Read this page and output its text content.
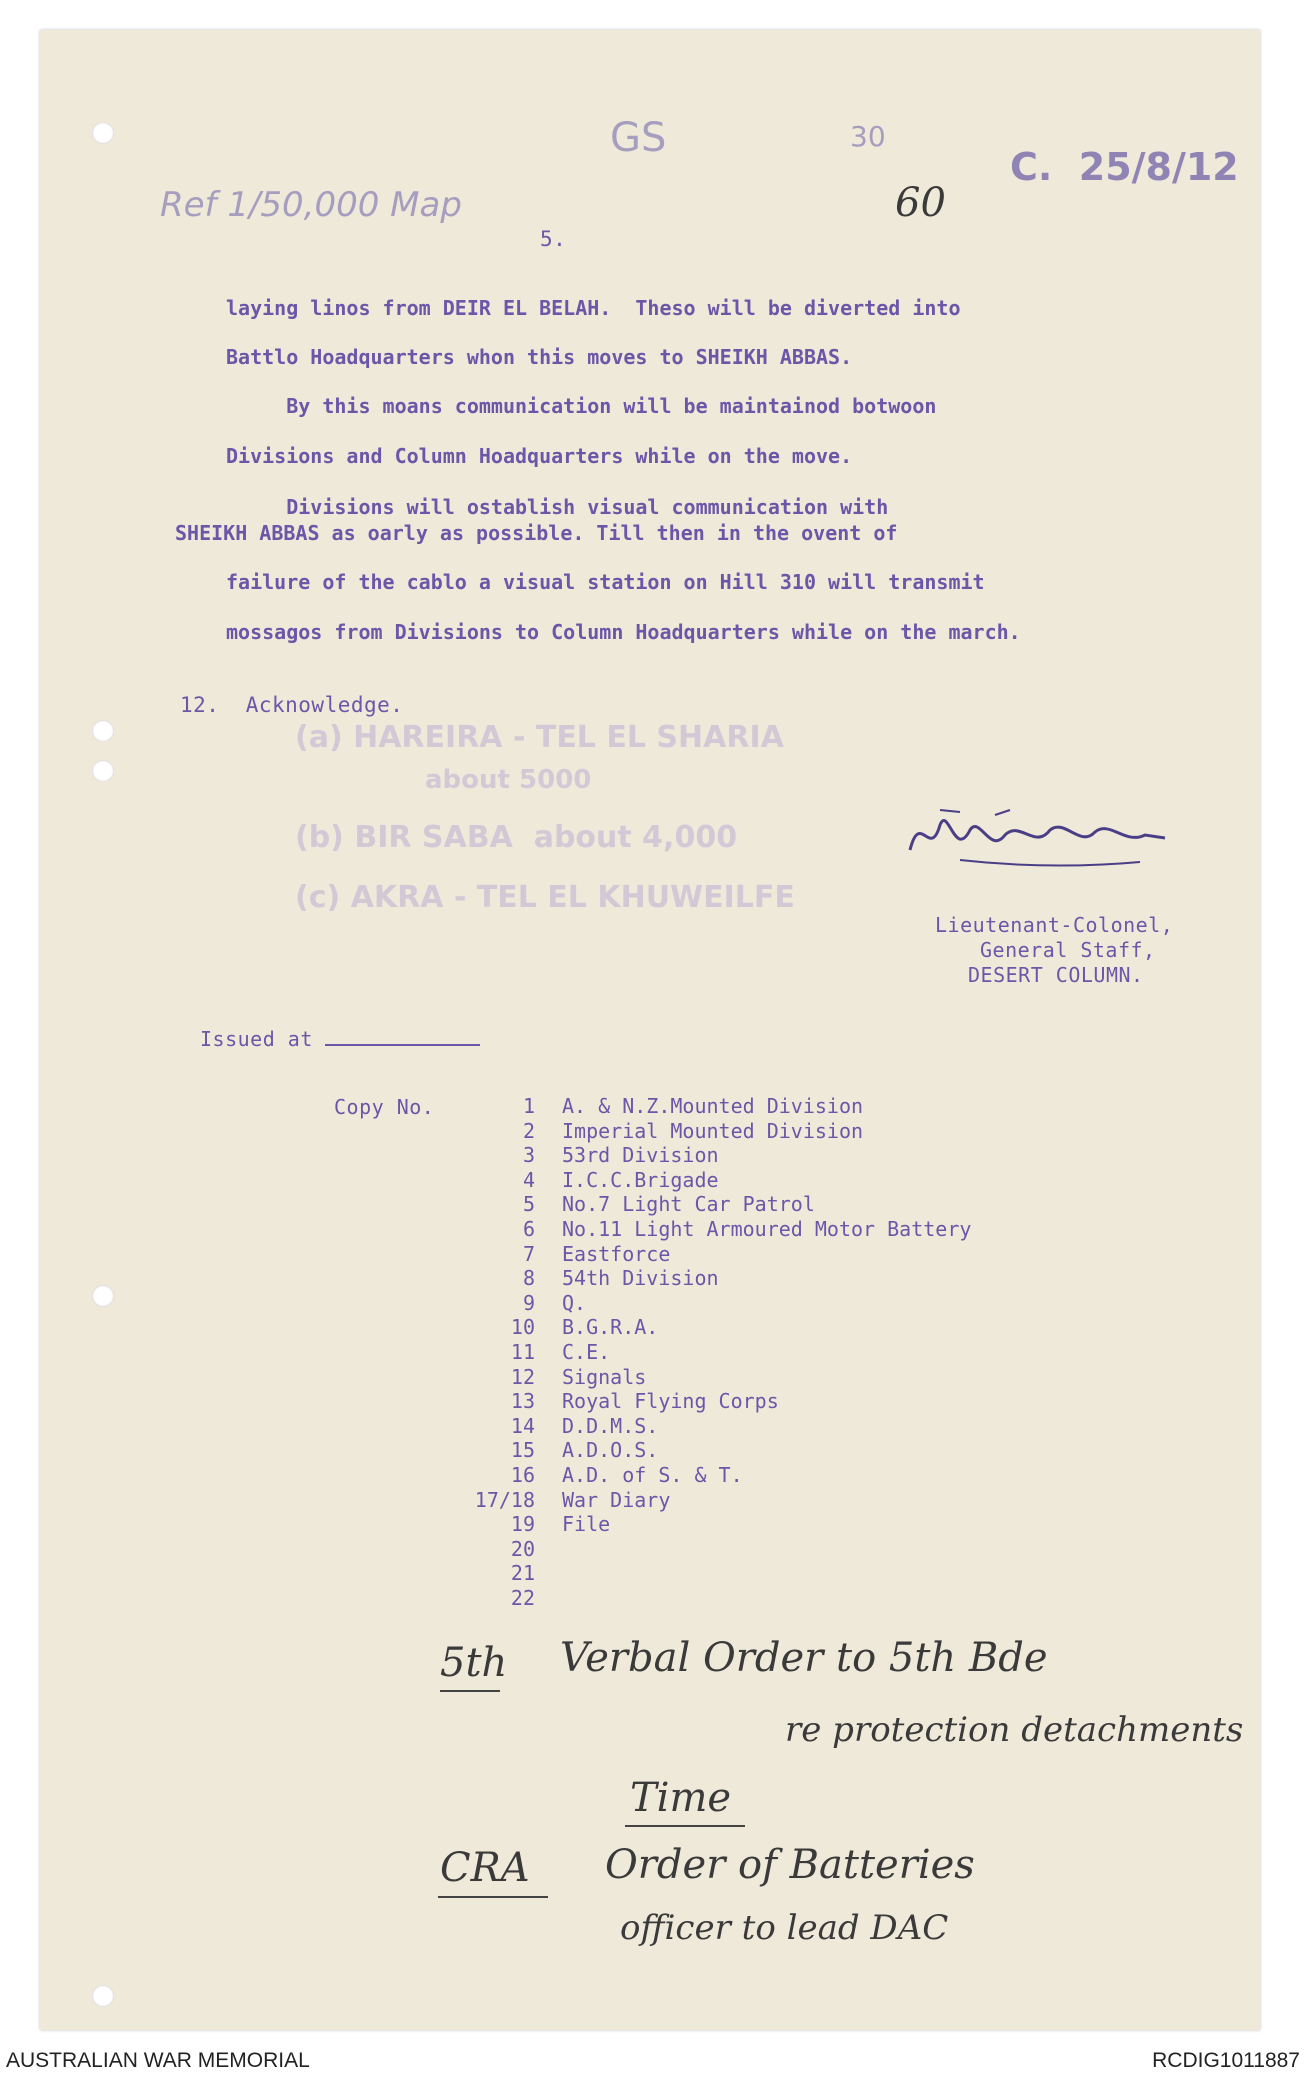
(a) HAREIRA - TEL EL SHARIA
about 5000
(b) BIR SABA  about 4,000
(c) AKRA - TEL EL KHUWEILFE
Ref 1/50,000 Map
GS	30
60
C.  25/8/12
5.
laying linos from DEIR EL BELAH.  Theso will be diverted into
Battlo Hoadquarters whon this moves to SHEIKH ABBAS.
By this moans communication will be maintainod botwoon
Divisions and Column Hoadquarters while on the move.
Divisions will ostablish visual communication with
SHEIKH ABBAS as oarly as possible. Till then in the ovent of
failure of the cablo a visual station on Hill 310 will transmit
mossagos from Divisions to Column Hoadquarters while on the march.
12.  Acknowledge.
Lieutenant-Colonel,
General Staff,
DESERT COLUMN.
Issued at
Copy No.	1 A. & N.Z.Mounted Division
2 Imperial Mounted Division
3 53rd Division
4 I.C.C.Brigade
5 No.7 Light Car Patrol
6 No.11 Light Armoured Motor Battery
7 Eastforce
8 54th Division
9 Q.
10 B.G.R.A.
11 C.E.
12 Signals
13 Royal Flying Corps
14 D.D.M.S.
15 A.D.O.S.
16 A.D. of S. & T.
17/18 War Diary
19 File
20
21
22
5th Verbal Order to 5th Bde
re protection detachments
Time
CRA Order of Batteries
officer to lead DAC
AUSTRALIAN WAR MEMORIAL	RCDIG1011887
